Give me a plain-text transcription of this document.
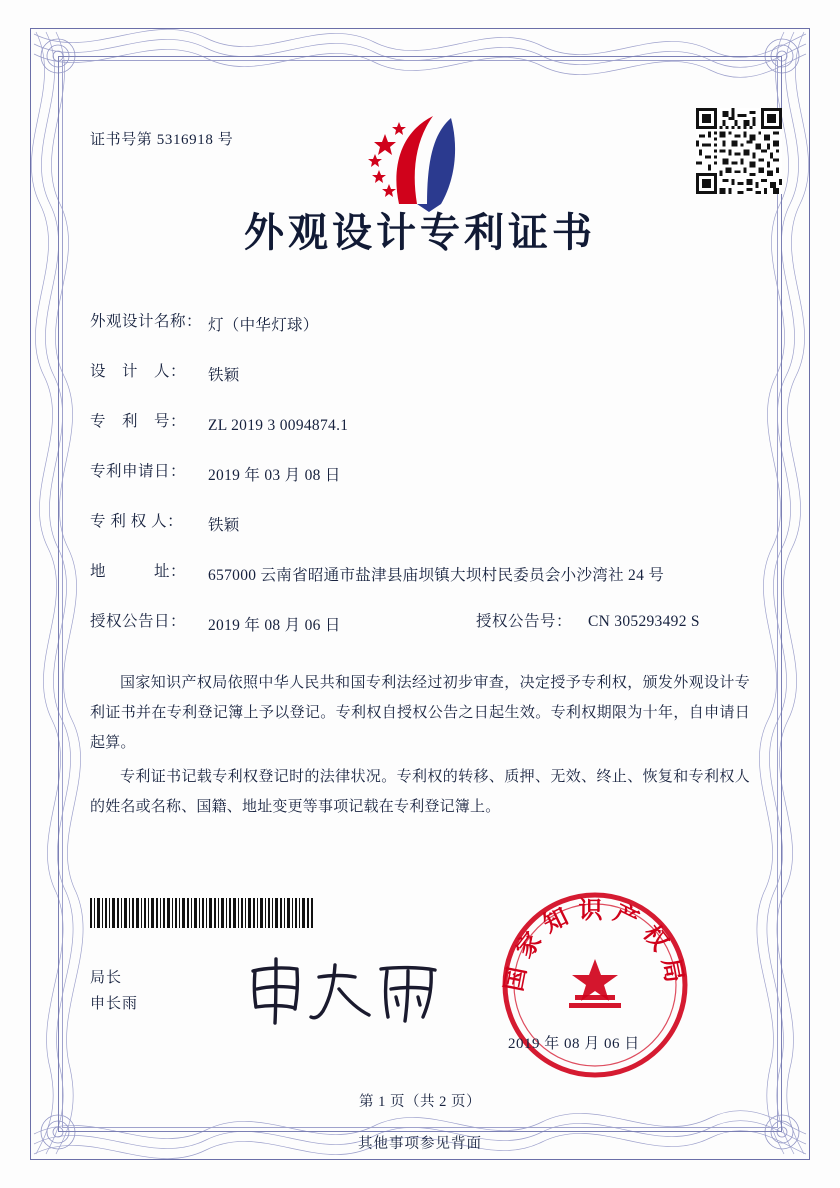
证书号第 5316918 号
外观设计专利证书
外观设计名称： 灯（中华灯球）
设　计　人：	铁颖
专　利　号：	ZL 2019 3 0094874.1
专利申请日：	2019 年 03 月 08 日
专 利 权 人：	铁颖
地　　　址：	657000 云南省昭通市盐津县庙坝镇大坝村民委员会小沙湾社 24 号
授权公告日：	2019 年 08 月 06 日	授权公告号：	CN 305293492 S
国家知识产权局依照中华人民共和国专利法经过初步审查，决定授予专利权，颁发外观设计专利证书并在专利登记簿上予以登记。专利权自授权公告之日起生效。专利权期限为十年，自申请日起算。
专利证书记载专利权登记时的法律状况。专利权的转移、质押、无效、终止、恢复和专利权人的姓名或名称、国籍、地址变更等事项记载在专利登记簿上。
局长
申长雨
国家知识产权局
2019 年 08 月 06 日
第 1 页（共 2 页）
其他事项参见背面
